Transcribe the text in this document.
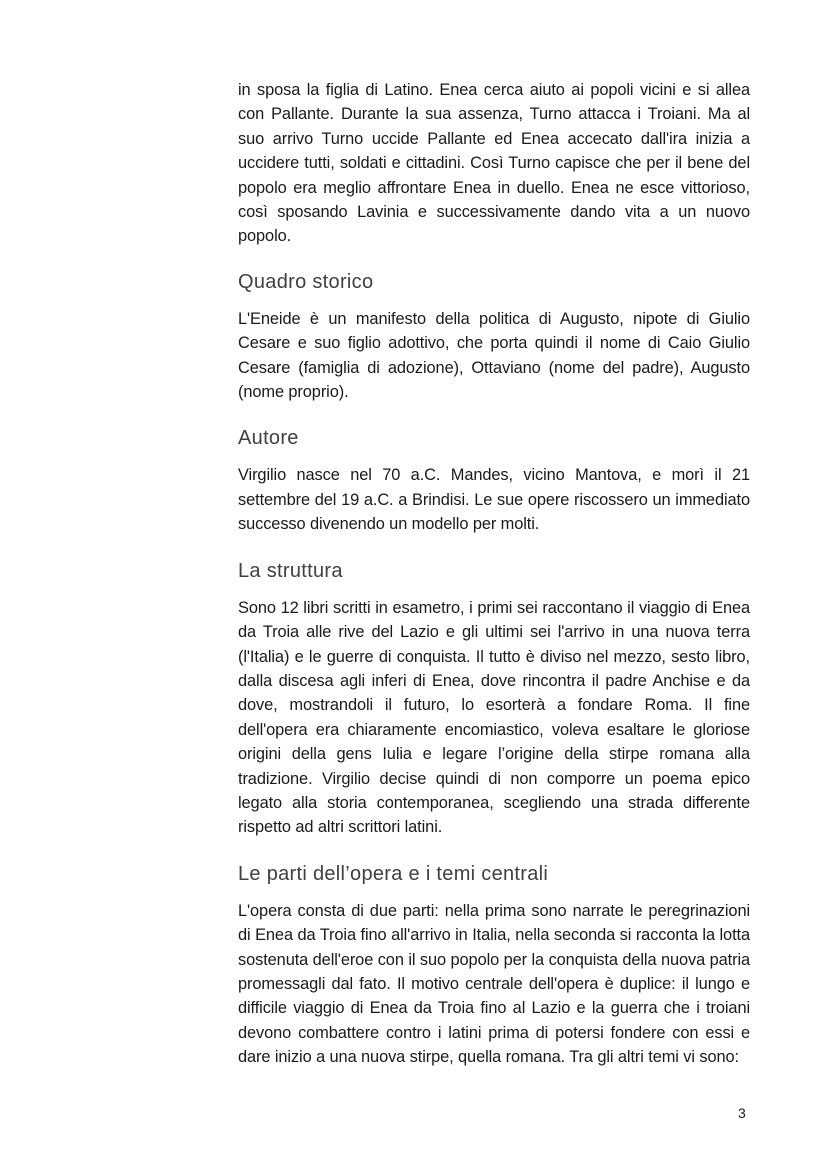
in sposa la figlia di Latino. Enea cerca aiuto ai popoli vicini e si allea con Pallante. Durante la sua assenza, Turno attacca i Troiani. Ma al suo arrivo Turno uccide Pallante ed Enea accecato dall'ira inizia a uccidere tutti, soldati e cittadini. Così Turno capisce che per il bene del popolo era meglio affrontare Enea in duello. Enea ne esce vittorioso, così sposando Lavinia e successivamente dando vita a un nuovo popolo.

Quadro storico

L'Eneide è un manifesto della politica di Augusto, nipote di Giulio Cesare e suo figlio adottivo, che porta quindi il nome di Caio Giulio Cesare (famiglia di adozione), Ottaviano (nome del padre), Augusto (nome proprio).

Autore

Virgilio nasce nel 70 a.C. Mandes, vicino Mantova, e morì il 21 settembre del 19 a.C. a Brindisi. Le sue opere riscossero un immediato successo divenendo un modello per molti.

La struttura

Sono 12 libri scritti in esametro, i primi sei raccontano il viaggio di Enea da Troia alle rive del Lazio e gli ultimi sei l'arrivo in una nuova terra (l'Italia) e le guerre di conquista. Il tutto è diviso nel mezzo, sesto libro, dalla discesa agli inferi di Enea, dove rincontra il padre Anchise e da dove, mostrandoli il futuro, lo esorterà a fondare Roma. Il fine dell'opera era chiaramente encomiastico, voleva esaltare le gloriose origini della gens Iulia e legare l’origine della stirpe romana alla tradizione. Virgilio decise quindi di non comporre un poema epico legato alla storia contemporanea, scegliendo una strada differente rispetto ad altri scrittori latini.

Le parti dell’opera e i temi centrali

L'opera consta di due parti: nella prima sono narrate le peregrinazioni di Enea da Troia fino all'arrivo in Italia, nella seconda si racconta la lotta sostenuta dell'eroe con il suo popolo per la conquista della nuova patria promessagli dal fato. Il motivo centrale dell'opera è duplice: il lungo e difficile viaggio di Enea da Troia fino al Lazio e la guerra che i troiani devono combattere contro i latini prima di potersi fondere con essi e dare inizio a una nuova stirpe, quella romana. Tra gli altri temi vi sono:

3
